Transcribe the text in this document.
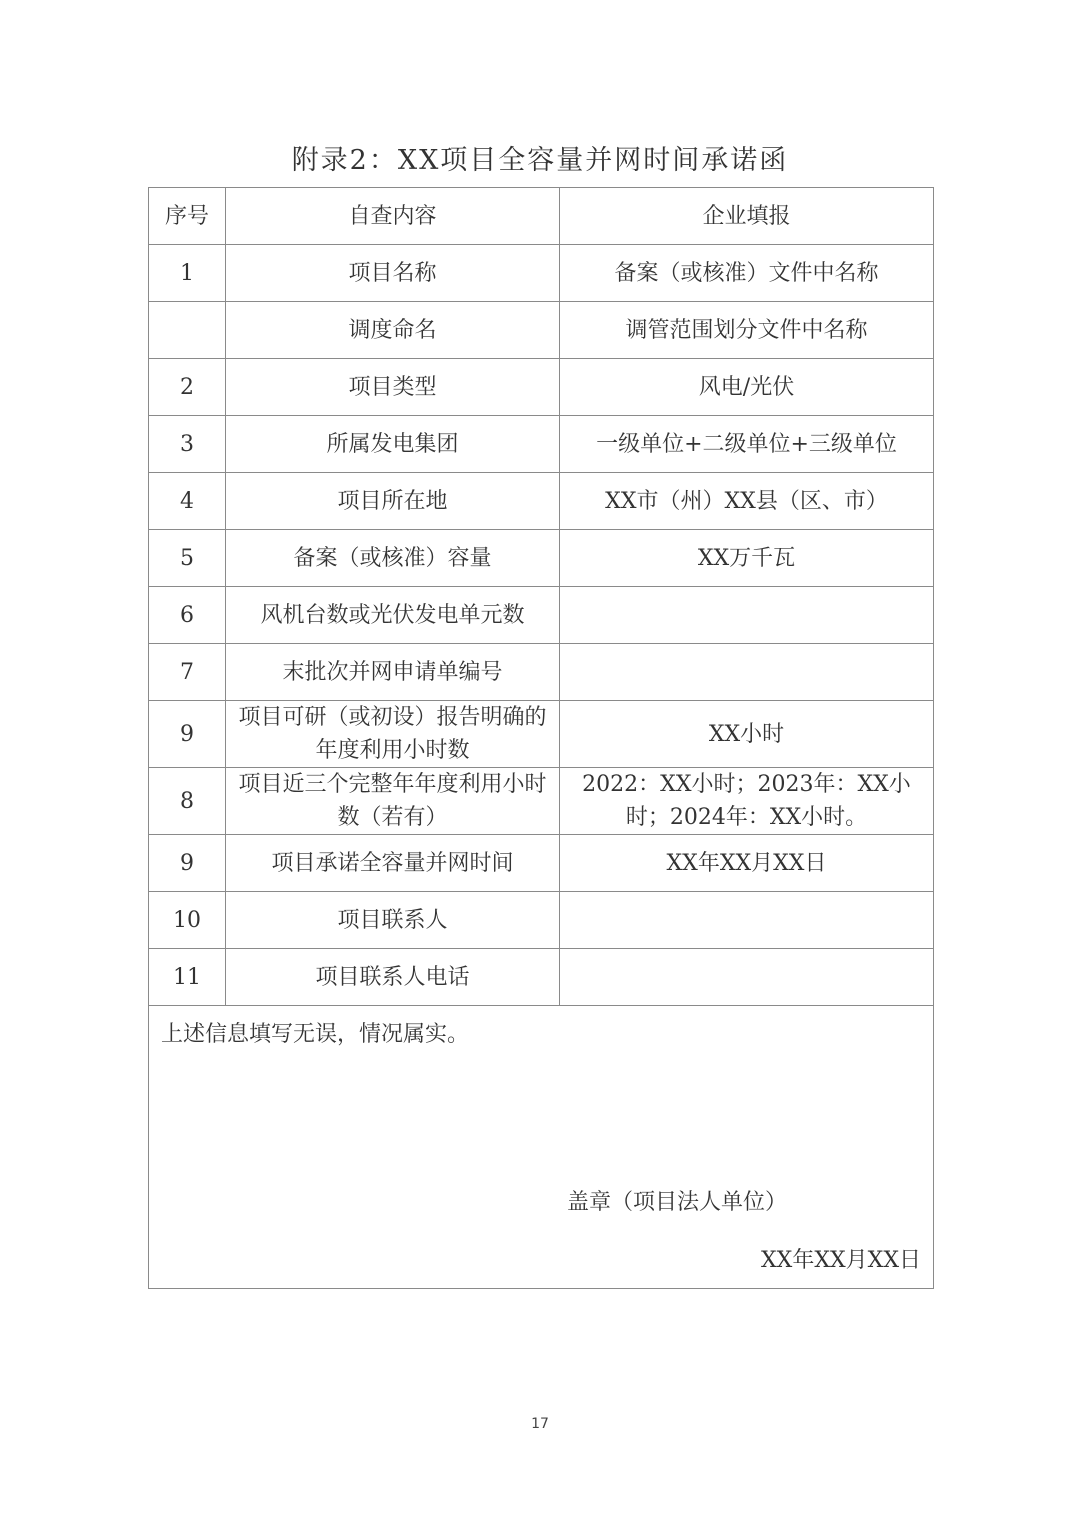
附录2：XX项目全容量并网时间承诺函
序号	自查内容	企业填报
1	项目名称	备案（或核准）文件中名称
	调度命名	调管范围划分文件中名称
2	项目类型	风电/光伏
3	所属发电集团	一级单位+二级单位+三级单位
4	项目所在地	XX市（州）XX县（区、市）
5	备案（或核准）容量	XX万千瓦
6	风机台数或光伏发电单元数	
7	末批次并网申请单编号	
9	项目可研（或初设）报告明确的年度利用小时数	XX小时
8	项目近三个完整年年度利用小时数（若有）	2022：XX小时；2023年：XX小时；2024年：XX小时。
9	项目承诺全容量并网时间	XX年XX月XX日
10	项目联系人	
11	项目联系人电话	

上述信息填写无误，情况属实。
盖章（项目法人单位）
XX年XX月XX日		
17
